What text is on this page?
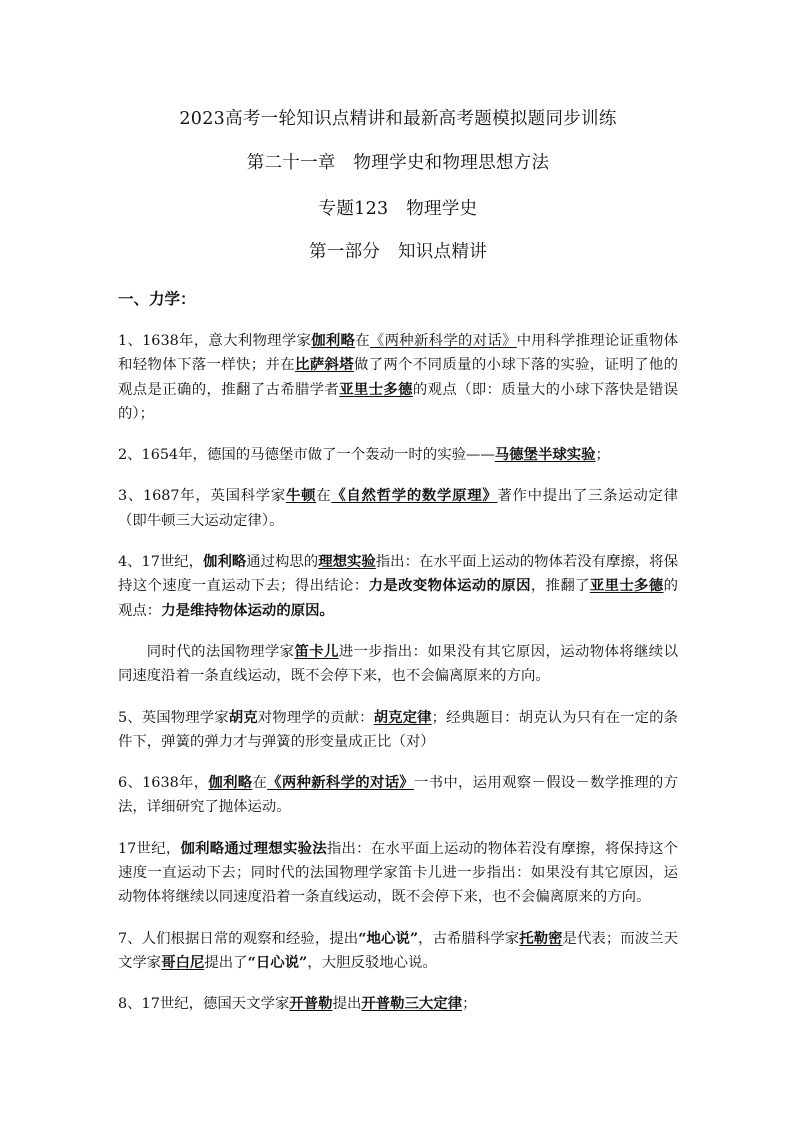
2023高考一轮知识点精讲和最新高考题模拟题同步训练

第二十一章　物理学史和物理思想方法

专题123　物理学史

第一部分　知识点精讲

一、力学：

1、1638年，意大利物理学家伽利略在《两种新科学的对话》中用科学推理论证重物体和轻物体下落一样快；并在比萨斜塔做了两个不同质量的小球下落的实验，证明了他的观点是正确的，推翻了古希腊学者亚里士多德的观点（即：质量大的小球下落快是错误的）；

2、1654年，德国的马德堡市做了一个轰动一时的实验——马德堡半球实验；

3、1687年，英国科学家牛顿在《自然哲学的数学原理》著作中提出了三条运动定律（即牛顿三大运动定律）。

4、17世纪，伽利略通过构思的理想实验指出：在水平面上运动的物体若没有摩擦，将保持这个速度一直运动下去；得出结论：力是改变物体运动的原因，推翻了亚里士多德的观点：力是维持物体运动的原因。

同时代的法国物理学家笛卡儿进一步指出：如果没有其它原因，运动物体将继续以同速度沿着一条直线运动，既不会停下来，也不会偏离原来的方向。

5、英国物理学家胡克对物理学的贡献：胡克定律；经典题目：胡克认为只有在一定的条件下，弹簧的弹力才与弹簧的形变量成正比（对）

6、1638年，伽利略在《两种新科学的对话》一书中，运用观察－假设－数学推理的方法，详细研究了抛体运动。

17世纪，伽利略通过理想实验法指出：在水平面上运动的物体若没有摩擦，将保持这个速度一直运动下去；同时代的法国物理学家笛卡儿进一步指出：如果没有其它原因，运动物体将继续以同速度沿着一条直线运动，既不会停下来，也不会偏离原来的方向。

7、人们根据日常的观察和经验，提出“地心说”，古希腊科学家托勒密是代表；而波兰天文学家哥白尼提出了“日心说”，大胆反驳地心说。

8、17世纪，德国天文学家开普勒提出开普勒三大定律；
